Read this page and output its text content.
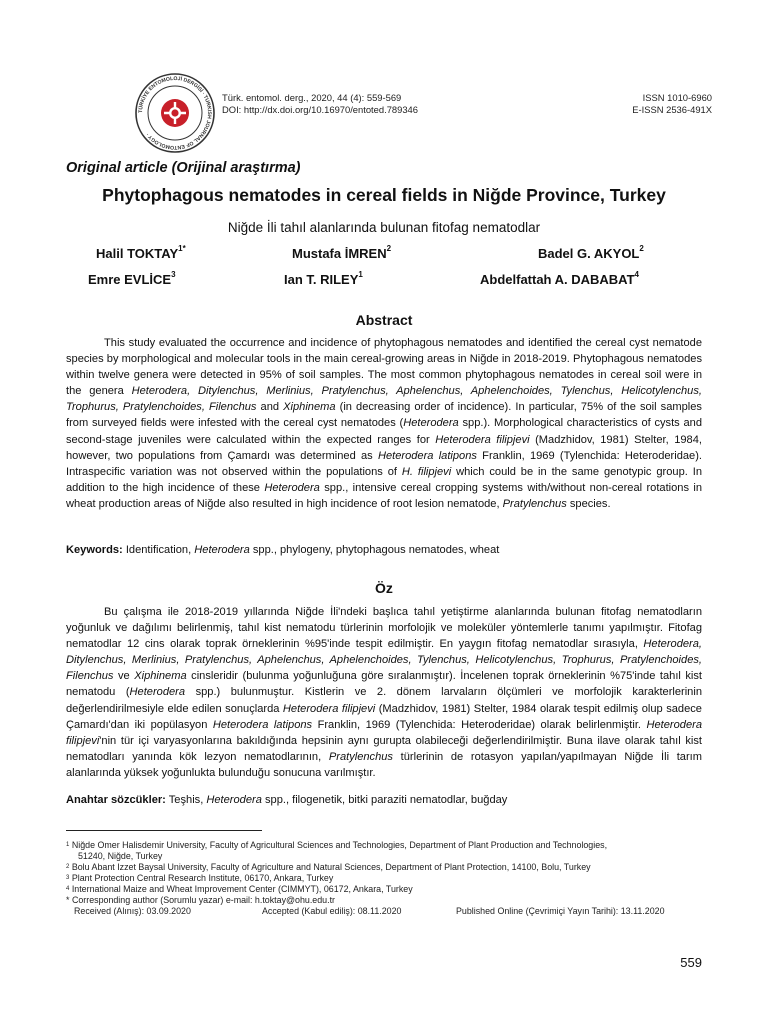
TÜRKİYE ENTOMOLOJİ DERGİSİ · TURKISH JOURNAL OF ENTOMOLOGY ·
Türk. entomol. derg., 2020, 44 (4): 559-569
DOI: http://dx.doi.org/10.16970/entoted.789346
ISSN 1010-6960
E-ISSN 2536-491X
Original article (Orijinal araştırma)
Phytophagous nematodes in cereal fields in Niğde Province, Turkey
Niğde İli tahıl alanlarında bulunan fitofag nematodlar
Halil $TOKTAY^{1*}$	Mustafa İMREN$^2$	Badel G. AKYOL$^2$
Emre EVLİCE$^3$	Ian T. RILEY$^1$	Abdelfattah A. DABABAT$^4$
Abstract
This study evaluated the occurrence and incidence of phytophagous nematodes and identified the cereal cyst nematode species by morphological and molecular tools in the main cereal-growing areas in Niğde in 2018-2019. Phytophagous nematodes within twelve genera were detected in 95% of soil samples. The most common phytophagous nematodes in cereal soil were in the genera Heterodera, Ditylenchus, Merlinius, Pratylenchus, Aphelenchus, Aphelenchoides, Tylenchus, Helicotylenchus, Trophurus, Pratylenchoides, Filenchus and Xiphinema (in decreasing order of incidence). In particular, 75% of the soil samples from surveyed fields were infested with the cereal cyst nematodes (Heterodera spp.). Morphological characteristics of cysts and second-stage juveniles were calculated within the expected ranges for Heterodera filipjevi (Madzhidov, 1981) Stelter, 1984, however, two populations from Çamardı was determined as Heterodera latipons Franklin, 1969 (Tylenchida: Heteroderidae). Intraspecific variation was not observed within the populations of H. filipjevi which could be in the same genotypic group. In addition to the high incidence of these Heterodera spp., intensive cereal cropping systems with/without non-cereal rotations in wheat production areas of Niğde also resulted in high incidence of root lesion nematode, Pratylenchus species.
Keywords: Identification, Heterodera spp., phylogeny, phytophagous nematodes, wheat
Öz
Bu çalışma ile 2018-2019 yıllarında Niğde İli'ndeki başlıca tahıl yetiştirme alanlarında bulunan fitofag nematodların yoğunluk ve dağılımı belirlenmiş, tahıl kist nematodu türlerinin morfolojik ve moleküler yöntemlerle tanımı yapılmıştır. Fitofag nematodlar 12 cins olarak toprak örneklerinin %95'inde tespit edilmiştir. En yaygın fitofag nematodlar sırasıyla, Heterodera, Ditylenchus, Merlinius, Pratylenchus, Aphelenchus, Aphelenchoides, Tylenchus, Helicotylenchus, Trophurus, Pratylenchoides, Filenchus ve Xiphinema cinsleridir (bulunma yoğunluğuna göre sıralanmıştır). İncelenen toprak örneklerinin %75'inde tahıl kist nematodu (Heterodera spp.) bulunmuştur. Kistlerin ve 2. dönem larvaların ölçümleri ve morfolojik karakterlerinin değerlendirilmesiyle elde edilen sonuçlarda Heterodera filipjevi (Madzhidov, 1981) Stelter, 1984 olarak tespit edilmiş olup sadece Çamardı'dan iki popülasyon Heterodera latipons Franklin, 1969 (Tylenchida: Heteroderidae) olarak belirlenmiştir. Heterodera filipjevi'nin tür içi varyasyonlarına bakıldığında hepsinin aynı gurupta olabileceği değerlendirilmiştir. Buna ilave olarak tahıl kist nematodları yanında kök lezyon nematodlarının, Pratylenchus türlerinin de rotasyon yapılan/yapılmayan Niğde İli tarım alanlarında yüksek yoğunlukta bulunduğu sonucuna varılmıştır.
Anahtar sözcükler: Teşhis, Heterodera spp., filogenetik, bitki paraziti nematodlar, buğday
$^1$ Niğde Omer Halisdemir University, Faculty of Agricultural Sciences and Technologies, Department of Plant Production and Technologies,
51240, Niğde, Turkey
$^2$ Bolu Abant Izzet Baysal University, Faculty of Agriculture and Natural Sciences, Department of Plant Protection, 14100, Bolu, Turkey
$^3$ Plant Protection Central Research Institute, 06170, Ankara, Turkey
$^4$ International Maize and Wheat Improvement Center (CIMMYT), 06172, Ankara, Turkey
* Corresponding author (Sorumlu yazar) e-mail: h.toktay@ohu.edu.tr
Received (Alınış): 03.09.2020	Accepted (Kabul ediliş): 08.11.2020	Published Online (Çevrimiçi Yayın Tarihi): 13.11.2020
559
